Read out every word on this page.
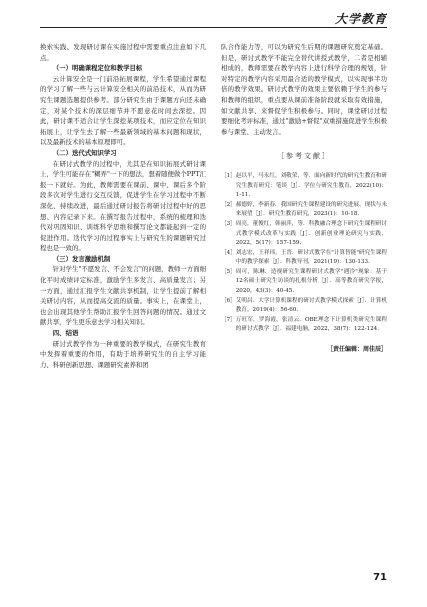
大学教育

换索实践、发现研讨课在实施过程中需要重点注意如下几点。

（一）明确课程定位和教学目标

云计算安全是一门前沿拓展课程，学生希望通过课程的学习了解一些与云计算安全相关的前沿技术，从而为研究生课题选题提供参考。部分研究生由于课题方向还未确定，对某个技术的深层细节并不愿意花时间去深挖。因此，研讨课不适合让学生深挖某项技术，而应定位在知识拓展上，让学生去了解一些最新领域的基本问题和现状，以及最新技术的基本原理即可。

（二）迭代式知识学习

在研讨式教学的过程中，尤其是在知识拓展式研讨课上，学生可能存在"糊弄"一下的想法，想着随便做个PPT汇报一下就好。为此，教师需要在课前、课中、课后多个阶段多次对学生进行交互反馈，促进学生在学习过程中不断深化、持续改进，最后通过研讨报告将研讨过程中好的思想、内容记录下来。在撰写报告过程中，系统的梳理和迭代对巩固知识、训练科学思维和撰写论文都能起到一定的促进作用。迭代学习的过程事实上与研究生的课题研究过程也是一致的。

（三）发言激励机制

针对学生"不愿发言、不会发言"的问题，教师一方面细化平时成绩评定标准，激励学生多发言、高质量发言；另一方面，通过汇报学生文献共享机制，让学生提前了解相关研讨内容，从而提高交流的质量。事实上，在课堂上，也会出现其他学生帮助汇报学生回答问题的情况。通过文献共享，学生更乐意去学习相关知识。

四、结语

研讨式教学作为一种重要的教学模式，在研究生教育中发挥着重要的作用，有助于培养研究生的自主学习能力、科研创新思想、课题研究素养和团

队合作能力等，可以为研究生后期的课题研究奠定基础。但是，研讨式教学不能完全替代讲授式教学，二者是相辅相成的，教师需要在教学内容上进行科学合理的规划，针对特定的教学内容采用最合适的教学模式，以实现事半功倍的教学效果。研讨式教学的效果主要依赖于学生的参与和教师的组织，重点要从课前准备阶段就采取有效措施，如文献共享、来督促学生积极参与。同时，课堂研讨过程要细化考评标准，通过"激励+督促"双重措施促进学生积极参与课堂、主动发言。

［参考文献］
［1］ 赵以平，马永红，刘敬荣，等．面向新时代的研究生教育和研究生教育研究：笔谈［J］．学位与研究生教育，2022(10)：1-11.
［2］ 郝德婷，李新春．我国研究生课程建设的研究进展、现状与未来展望［J］．研究生教育研究，2023(1)：10-18.
［3］ 周亮，董俊红，韩丽萍，等．科教融合理念下研究生课程研讨式教学模式改革与实践［J］．创新创业理论研究与实践，2022，5(17)：157-159.
［4］ 刘志宏，王祥玮，王晋．研讨式教学在"计算智能"研究生课程中的教学探索［J］．科教导刊，2021(19)：130-133.
［5］ 周可，陈琳．造视研究生课程研讨式教学"遇冷"现象：基于12名硕士研究生访谈的扎根分析［J］．高等教育研究学报，2020，43(3)：40-45.
［6］ 艾明昌．大学计算机课程的研讨式教学模式探索［J］．计算机教育，2019(4)：56-60.
［7］ 万旺军，罗海霞，张清云．OBE理念下计算机类研究生课程的研讨式教学［J］．福建电脑，2022，38(7)：122-124.
［责任编辑：周佳辰］
71
